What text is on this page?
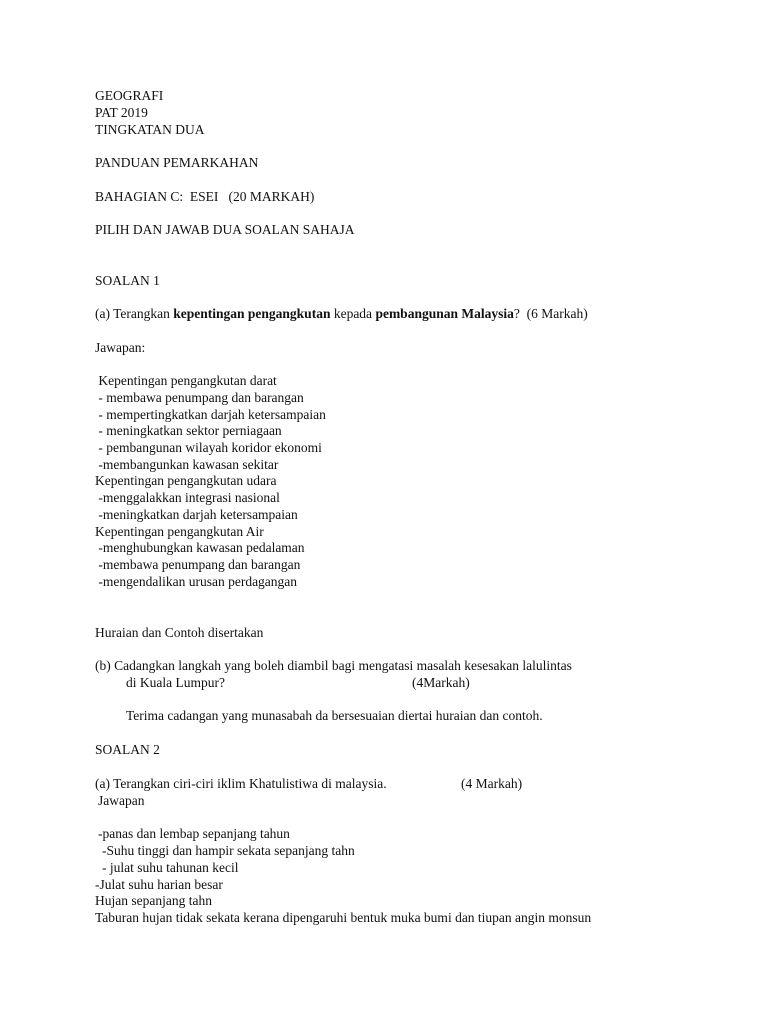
GEOGRAFI
PAT 2019
TINGKATAN DUA
PANDUAN PEMARKAHAN
BAHAGIAN C:  ESEI   (20 MARKAH)
PILIH DAN JAWAB DUA SOALAN SAHAJA
SOALAN 1
(a) Terangkan kepentingan pengangkutan kepada pembangunan Malaysia?  (6 Markah)
Jawapan:
Kepentingan pengangkutan darat
- membawa penumpang dan barangan
- mempertingkatkan darjah ketersampaian
- meningkatkan sektor perniagaan
- pembangunan wilayah koridor ekonomi
-membangunkan kawasan sekitar
Kepentingan pengangkutan udara
-menggalakkan integrasi nasional
-meningkatkan darjah ketersampaian
Kepentingan pengangkutan Air
-menghubungkan kawasan pedalaman
-membawa penumpang dan barangan
-mengendalikan urusan perdagangan
Huraian dan Contoh disertakan
(b) Cadangkan langkah yang boleh diambil bagi mengatasi masalah kesesakan lalulintas
di Kuala Lumpur?	(4Markah)
Terima cadangan yang munasabah da bersesuaian diertai huraian dan contoh.
SOALAN 2
(a) Terangkan ciri-ciri iklim Khatulistiwa di malaysia.	(4 Markah)
Jawapan
-panas dan lembap sepanjang tahun
-Suhu tinggi dan hampir sekata sepanjang tahn
- julat suhu tahunan kecil
-Julat suhu harian besar
Hujan sepanjang tahn
Taburan hujan tidak sekata kerana dipengaruhi bentuk muka bumi dan tiupan angin monsun
